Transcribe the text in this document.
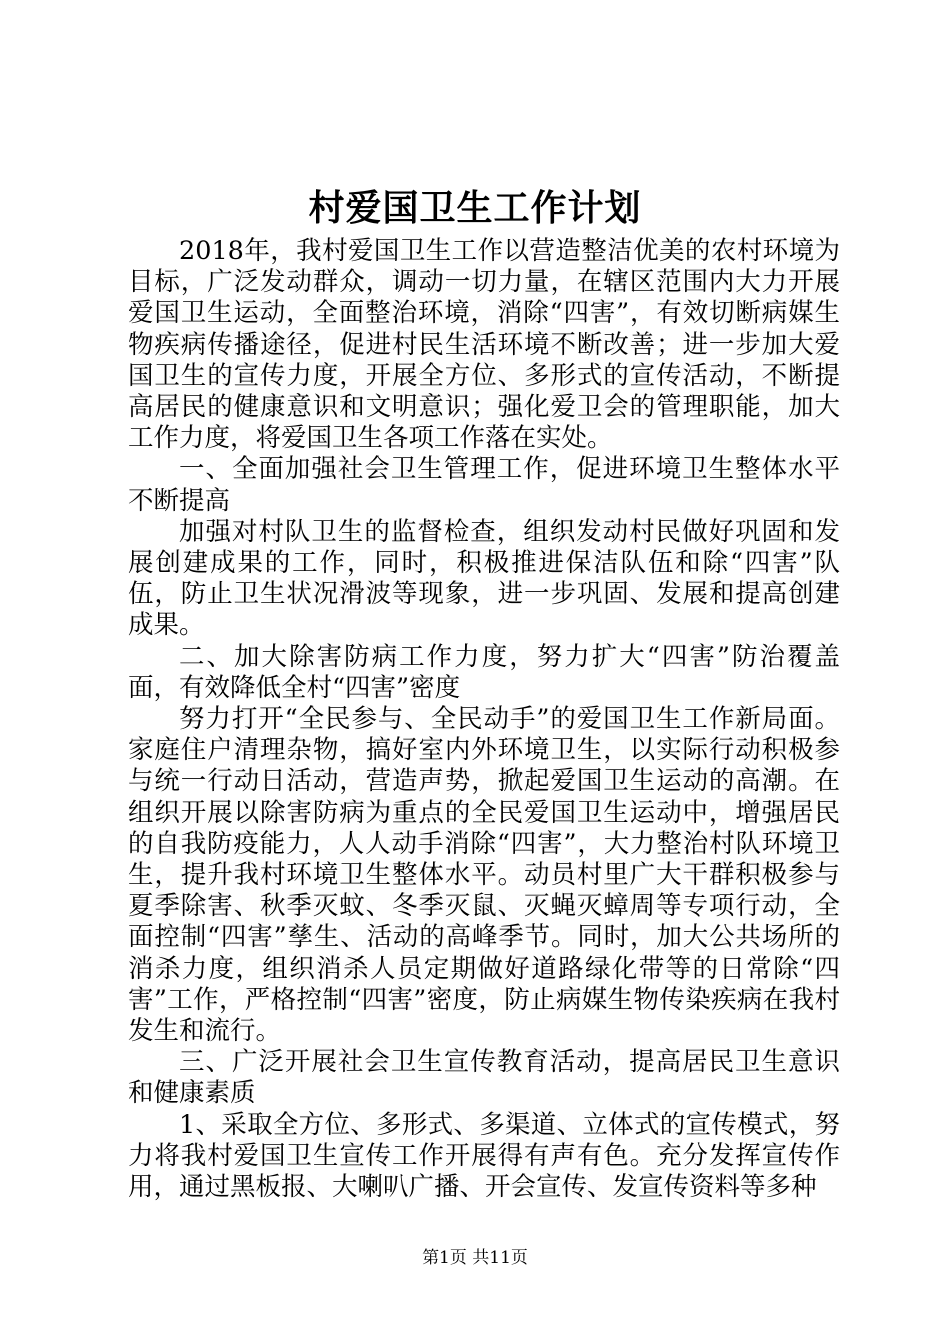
村爱国卫生工作计划

2018年，我村爱国卫生工作以营造整洁优美的农村环境为目标，广泛发动群众，调动一切力量，在辖区范围内大力开展爱国卫生运动，全面整治环境，消除“四害”，有效切断病媒生物疾病传播途径，促进村民生活环境不断改善；进一步加大爱国卫生的宣传力度，开展全方位、多形式的宣传活动，不断提高居民的健康意识和文明意识；强化爱卫会的管理职能，加大工作力度，将爱国卫生各项工作落在实处。

一、全面加强社会卫生管理工作，促进环境卫生整体水平不断提高

加强对村队卫生的监督检查，组织发动村民做好巩固和发展创建成果的工作，同时，积极推进保洁队伍和除“四害”队伍，防止卫生状况滑波等现象，进一步巩固、发展和提高创建成果。

二、加大除害防病工作力度，努力扩大“四害”防治覆盖面，有效降低全村“四害”密度

努力打开“全民参与、全民动手”的爱国卫生工作新局面。家庭住户清理杂物，搞好室内外环境卫生，以实际行动积极参与统一行动日活动，营造声势，掀起爱国卫生运动的高潮。在组织开展以除害防病为重点的全民爱国卫生运动中，增强居民的自我防疫能力，人人动手消除“四害”，大力整治村队环境卫生，提升我村环境卫生整体水平。动员村里广大干群积极参与夏季除害、秋季灭蚊、冬季灭鼠、灭蝇灭蟑周等专项行动，全面控制“四害”孳生、活动的高峰季节。同时，加大公共场所的消杀力度，组织消杀人员定期做好道路绿化带等的日常除“四害”工作，严格控制“四害”密度，防止病媒生物传染疾病在我村发生和流行。

三、广泛开展社会卫生宣传教育活动，提高居民卫生意识和健康素质

1、采取全方位、多形式、多渠道、立体式的宣传模式，努力将我村爱国卫生宣传工作开展得有声有色。充分发挥宣传作用，通过黑板报、大喇叭广播、开会宣传、发宣传资料等多种

第1页 共11页
